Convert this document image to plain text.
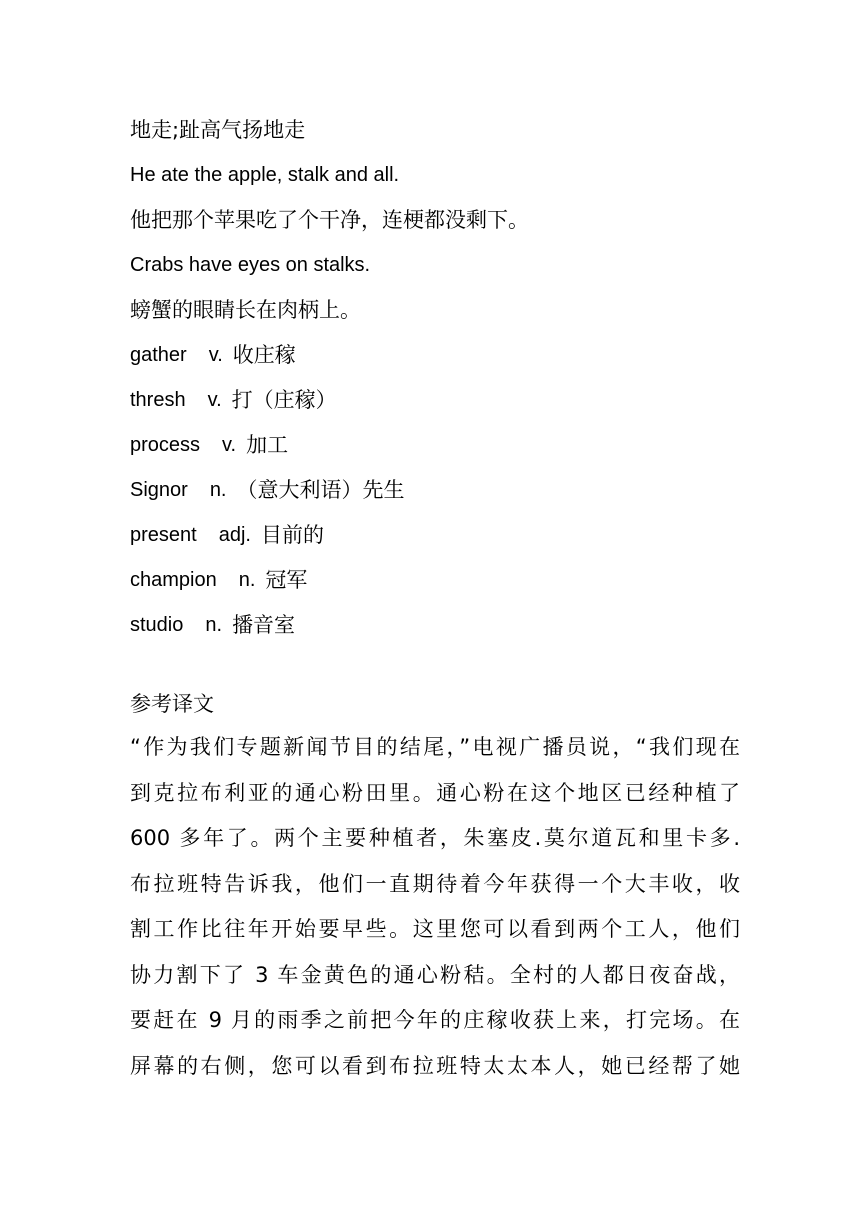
地走;趾高气扬地走
He ate the apple, stalk and all.
他把那个苹果吃了个干净，连梗都没剩下。
Crabs have eyes on stalks.
螃蟹的眼睛长在肉柄上。
gather v. 收庄稼
thresh v. 打（庄稼）
process v. 加工
Signor n. （意大利语）先生
present adj. 目前的
champion n. 冠军
studio n. 播音室
参考译文
“作为我们专题新闻节目的结尾，”电视广播员说，“我们现在
到克拉布利亚的通心粉田里。通心粉在这个地区已经种植了
600 多年了。两个主要种植者，朱塞皮.莫尔道瓦和里卡多.
布拉班特告诉我，他们一直期待着今年获得一个大丰收，收
割工作比往年开始要早些。这里您可以看到两个工人，他们
协力割下了 3 车金黄色的通心粉秸。全村的人都日夜奋战，
要赶在 9 月的雨季之前把今年的庄稼收获上来，打完场。在
屏幕的右侧，您可以看到布拉班特太太本人，她已经帮了她
